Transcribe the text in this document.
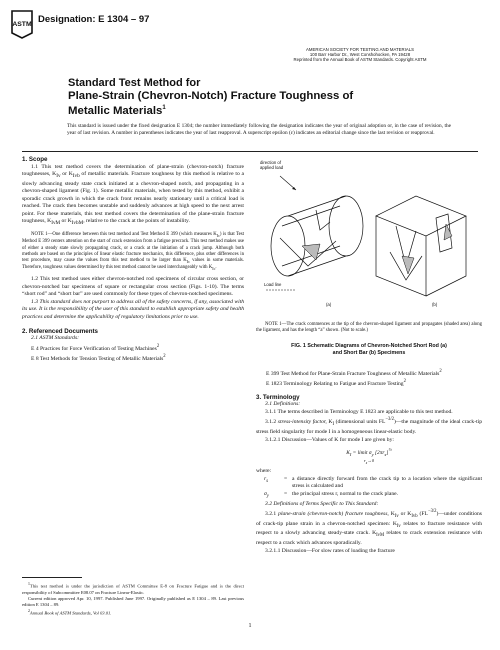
ASTM Designation: E 1304 – 97
AMERICAN SOCIETY FOR TESTING AND MATERIALS
100 Barr Harbor Dr., West Conshohocken, PA 19428
Reprinted from the Annual Book of ASTM Standards. Copyright ASTM
Standard Test Method for
Plane-Strain (Chevron-Notch) Fracture Toughness of
Metallic Materials$^1$
This standard is issued under the fixed designation E 1304; the number immediately following the designation indicates the year of original adoption or, in the case of revision, the year of last revision. A number in parentheses indicates the year of last reapproval. A superscript epsilon (ε) indicates an editorial change since the last revision or reapproval.

1. Scope

1.1 This test method covers the determination of plane-strain (chevron-notch) fracture toughnesses, $K_{Iv}$ or $K_{Ivb}$ of metallic materials. Fracture toughness by this method is relative to a slowly advancing steady state crack initiated at a chevron-shaped notch, and propagating in a chevron-shaped ligament (Fig. 1). Some metallic materials, when tested by this method, exhibit a sporadic crack growth in which the crack front remains nearly stationary until a critical load is reached. The crack then becomes unstable and suddenly advances at high speed to the next arrest point. For these materials, this test method covers the determination of the plane-strain fracture toughness, $K_{IvM}$ or $K_{IvbM}$, relative to the crack at the points of instability.

NOTE 1—One difference between this test method and Test Method E 399 (which measures $K_{Ic}$) is that Test Method E 399 centers attention on the start of crack extension from a fatigue precrack. This test method makes use of either a steady state slowly propagating crack, or a crack at the initiation of a crack jump. Although both methods are based on the principles of linear elastic fracture mechanics, this difference, plus other differences in test procedure, may cause the values from this test method to be larger than $K_{Ic}$ values in some materials. Therefore, toughness values determined by this test method cannot be used interchangeably with $K_{Ic}$.

1.2 This test method uses either chevron-notched rod specimens of circular cross section, or chevron-notched bar specimens of square or rectangular cross section (Figs. 1-10). The terms “short rod” and “short bar” are used commonly for these types of chevron-notched specimens.

1.3 This standard does not purport to address all of the safety concerns, if any, associated with its use. It is the responsibility of the user of this standard to establish appropriate safety and health practices and determine the applicability of regulatory limitations prior to use.

2. Referenced Documents

2.1 ASTM Standards:

E 4 Practices for Force Verification of Testing Machines$^2$

E 8 Test Methods for Tension Testing of Metallic Materials$^2$

$^1$This test method is under the jurisdiction of ASTM Committee E-8 on Fracture Fatigue and is the direct responsibility of Subcommittee E08.07 on Fracture Linear-Elastic.

Current edition approved Apr. 10, 1997. Published June 1997. Originally published as E 1304 – 89. Last previous edition E 1304 – 89.

$^2$Annual Book of ASTM Standards, Vol 03.01.

direction of
applied load
Load line
(a)	(b)
NOTE 1—The crack commences at the tip of the chevron-shaped ligament and propagates (shaded area) along the ligament, and has the length “a” shown. (Not to scale.)
FIG. 1 Schematic Diagrams of Chevron-Notched Short Rod (a)
and Short Bar (b) Specimens

E 399 Test Method for Plane-Strain Fracture Toughness of Metallic Materials$^2$

E 1823 Terminology Relating to Fatigue and Fracture Testing$^2$

3. Terminology

3.1 Definitions:

3.1.1 The terms described in Terminology E 1823 are applicable to this test method.

3.1.2 stress-intensity factor, $K_I$ (dimensional units $FL^{-3/2})—the$ magnitude of the ideal crack-tip stress field singularity for mode I in a homogeneous linear-elastic body.

3.1.2.1 Discussion—Values of K for mode I are given by:

$K_I$ = limit $\sigma_y$ $[2\pi r_s]^{\frac{1}{2}}$
$r_s\to 0$

where:

$r_s$	= a distance directly forward from the crack tip to a location where the significant stress is calculated and
$\sigma_y$	= the principal stress r, normal to the crack plane.

3.2 Definitions of Terms Specific to This Standard:

3.2.1 plane-strain (chevron-notch) fracture toughness, $K_{Iv}$ or $K_{Ivb}$ $(FL^{-3/2})—under$ conditions of crack-tip plane strain in a chevron-notched specimen: $K_{Iv}$ relates to fracture resistance with respect to a slowly advancing steady-state crack. $K_{IvM}$ relates to crack extension resistance with respect to a crack which advances sporadically.

3.2.1.1 Discussion—For slow rates of loading the fracture

1
